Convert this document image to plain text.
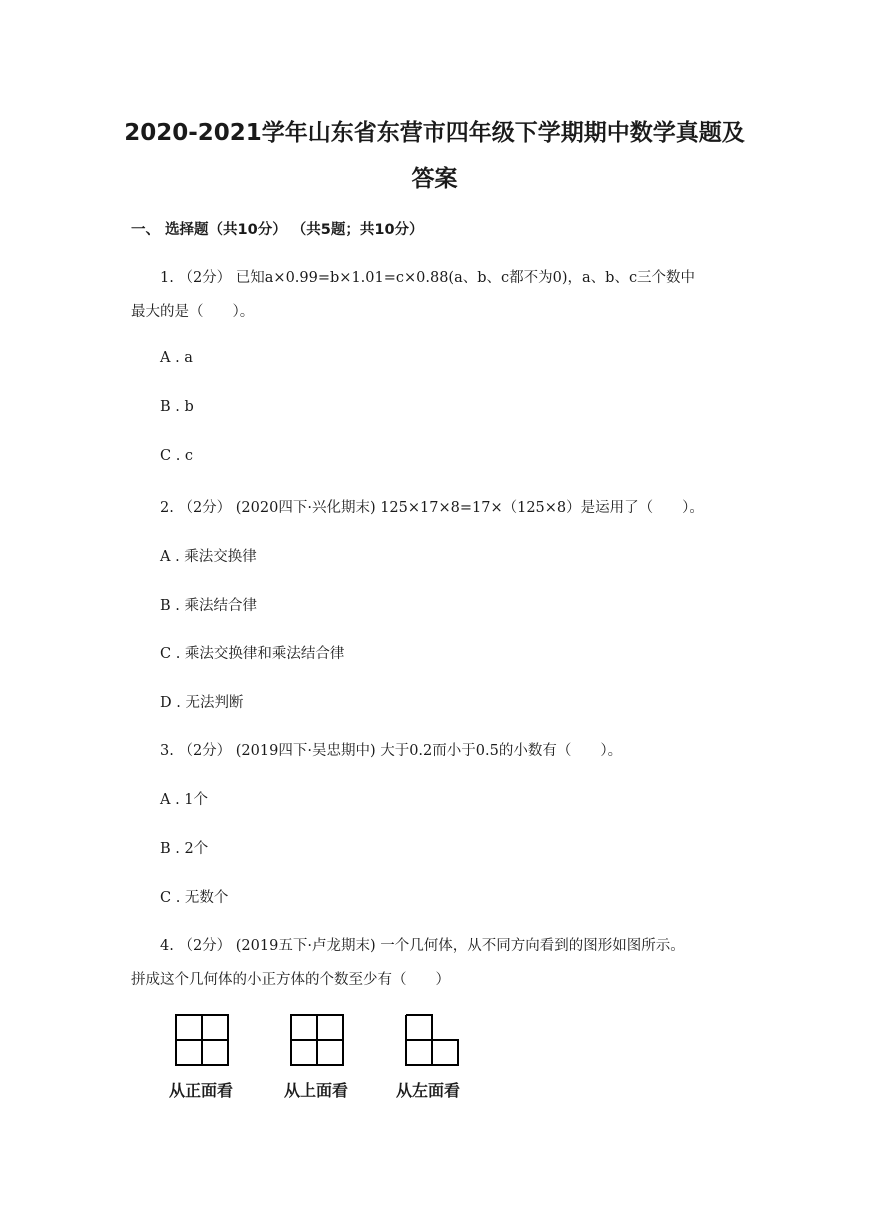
2020-2021学年山东省东营市四年级下学期期中数学真题及
答案
一、 选择题（共10分） （共5题；共10分）
1. （2分） 已知a×0.99=b×1.01=c×0.88(a、b、c都不为0)，a、b、c三个数中
最大的是（　　）。
A . a
B . b
C . c
2. （2分） (2020四下·兴化期末) 125×17×8=17×（125×8）是运用了（　　）。
A . 乘法交换律
B . 乘法结合律
C . 乘法交换律和乘法结合律
D . 无法判断
3. （2分） (2019四下·吴忠期中) 大于0.2而小于0.5的小数有（　　）。
A . 1个
B . 2个
C . 无数个
4. （2分） (2019五下·卢龙期末) 一个几何体，从不同方向看到的图形如图所示。
拼成这个几何体的小正方体的个数至少有（　　）
从正面看	从上面看	从左面看
